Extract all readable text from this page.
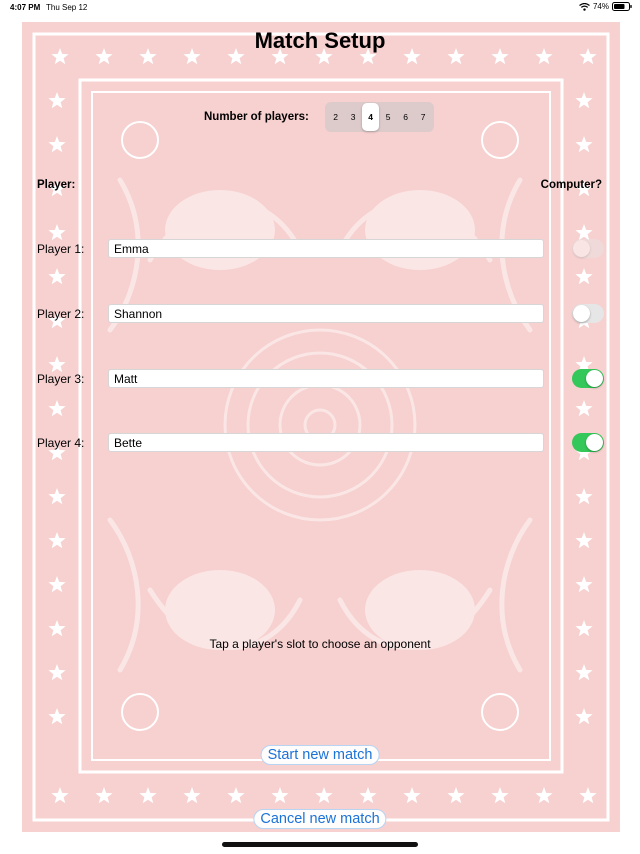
4:07 PM Thu Sep 12	74%
Match Setup
Number of players:	2	3	4	5	6	7
Player:	Computer?
Player 1:
Emma
Player 2:
Shannon
Player 3:
Matt
Player 4:
Bette
Tap a player's slot to choose an opponent
Start new match
Cancel new match
